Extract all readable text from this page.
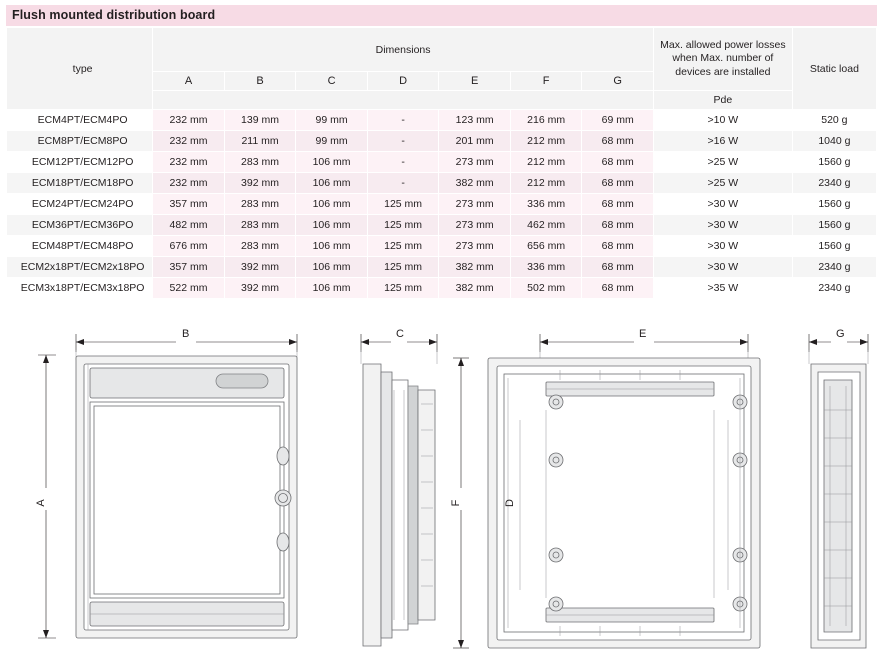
Flush mounted distribution board
type	Dimensions							Max. allowed power losses when Max. number of devices are installed	Static load
	A	B	C	D	E	F	G		
								Pde	
ECM4PT/ECM4PO	232 mm	139 mm	99 mm	-	123 mm	216 mm	69 mm	>10 W	520 g
ECM8PT/ECM8PO	232 mm	211 mm	99 mm	-	201 mm	212 mm	68 mm	>16 W	1040 g
ECM12PT/ECM12PO	232 mm	283 mm	106 mm	-	273 mm	212 mm	68 mm	>25 W	1560 g
ECM18PT/ECM18PO	232 mm	392 mm	106 mm	-	382 mm	212 mm	68 mm	>25 W	2340 g
ECM24PT/ECM24PO	357 mm	283 mm	106 mm	125 mm	273 mm	336 mm	68 mm	>30 W	1560 g
ECM36PT/ECM36PO	482 mm	283 mm	106 mm	125 mm	273 mm	462 mm	68 mm	>30 W	1560 g
ECM48PT/ECM48PO	676 mm	283 mm	106 mm	125 mm	273 mm	656 mm	68 mm	>30 W	1560 g
ECM2x18PT/ECM2x18PO	357 mm	392 mm	106 mm	125 mm	382 mm	336 mm	68 mm	>30 W	2340 g
ECM3x18PT/ECM3x18PO	522 mm	392 mm	106 mm	125 mm	382 mm	502 mm	68 mm	>35 W	2340 g
B
A
C	E
F	D
G
